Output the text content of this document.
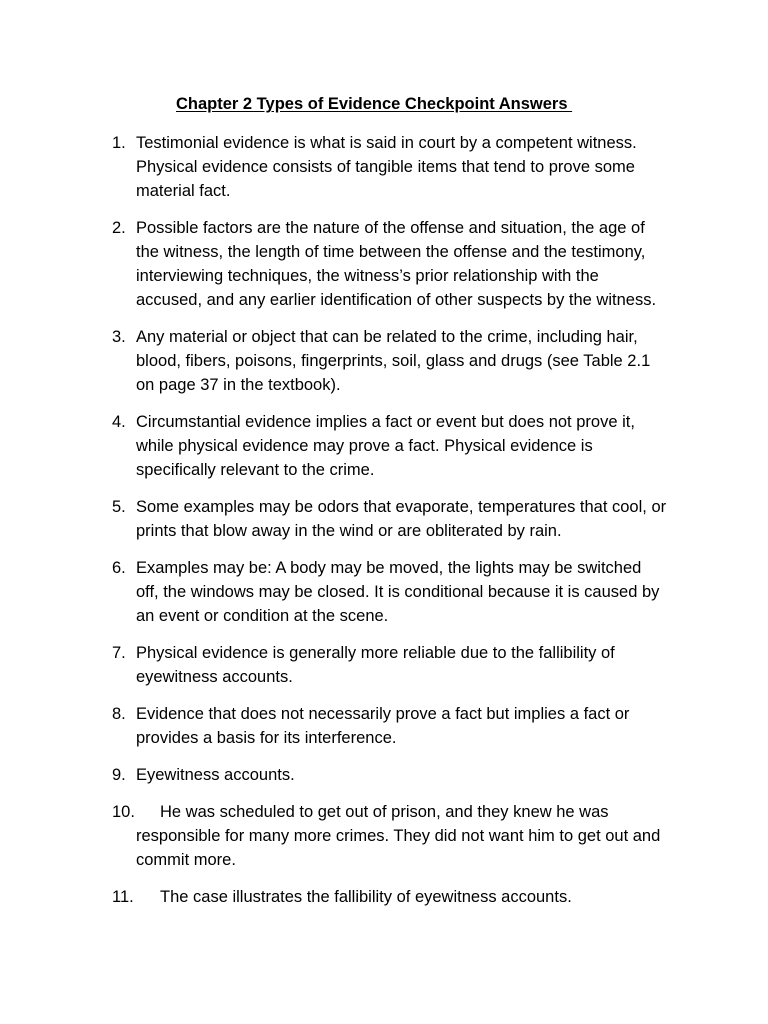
Chapter 2 Types of Evidence Checkpoint Answers
1. Testimonial evidence is what is said in court by a competent witness.
Physical evidence consists of tangible items that tend to prove some
material fact.
2. Possible factors are the nature of the offense and situation, the age of
the witness, the length of time between the offense and the testimony,
interviewing techniques, the witness’s prior relationship with the
accused, and any earlier identification of other suspects by the witness.
3. Any material or object that can be related to the crime, including hair,
blood, fibers, poisons, fingerprints, soil, glass and drugs (see Table 2.1
on page 37 in the textbook).
4. Circumstantial evidence implies a fact or event but does not prove it,
while physical evidence may prove a fact. Physical evidence is
specifically relevant to the crime.
5. Some examples may be odors that evaporate, temperatures that cool, or
prints that blow away in the wind or are obliterated by rain.
6. Examples may be: A body may be moved, the lights may be switched
off, the windows may be closed. It is conditional because it is caused by
an event or condition at the scene.
7. Physical evidence is generally more reliable due to the fallibility of
eyewitness accounts.
8. Evidence that does not necessarily prove a fact but implies a fact or
provides a basis for its interference.
9. Eyewitness accounts.
10.	He was scheduled to get out of prison, and they knew he was
responsible for many more crimes. They did not want him to get out and
commit more.
11.	The case illustrates the fallibility of eyewitness accounts.
